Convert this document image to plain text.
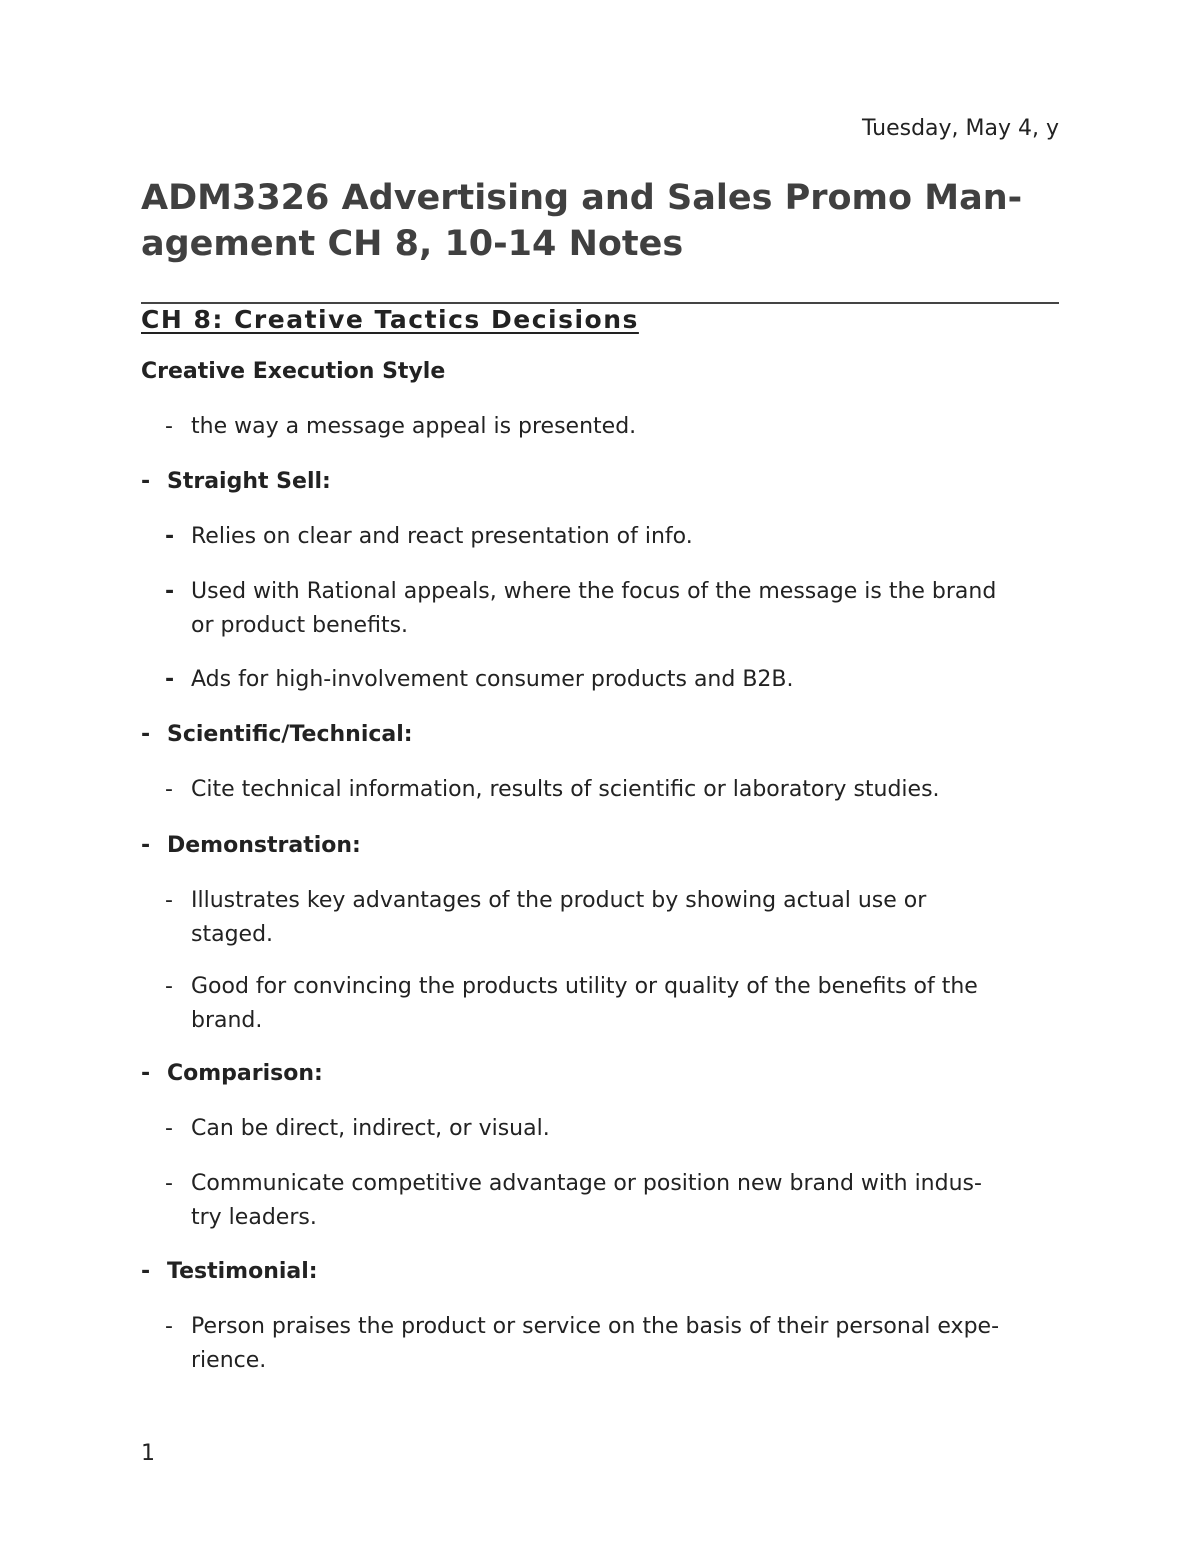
Tuesday, May 4, y
ADM3326 Advertising and Sales Promo Man-
agement CH 8, 10-14 Notes
CH 8: Creative Tactics Decisions
Creative Execution Style
- the way a message appeal is presented.
- Straight Sell:
- Relies on clear and react presentation of info.
- Used with Rational appeals, where the focus of the message is the brand
or product benefits.
- Ads for high-involvement consumer products and B2B.
- Scientific/Technical:
- Cite technical information, results of scientific or laboratory studies.
- Demonstration:
- Illustrates key advantages of the product by showing actual use or
staged.
- Good for convincing the products utility or quality of the benefits of the
brand.
- Comparison:
- Can be direct, indirect, or visual.
- Communicate competitive advantage or position new brand with indus-
try leaders.
- Testimonial:
- Person praises the product or service on the basis of their personal expe-
rience.
1
